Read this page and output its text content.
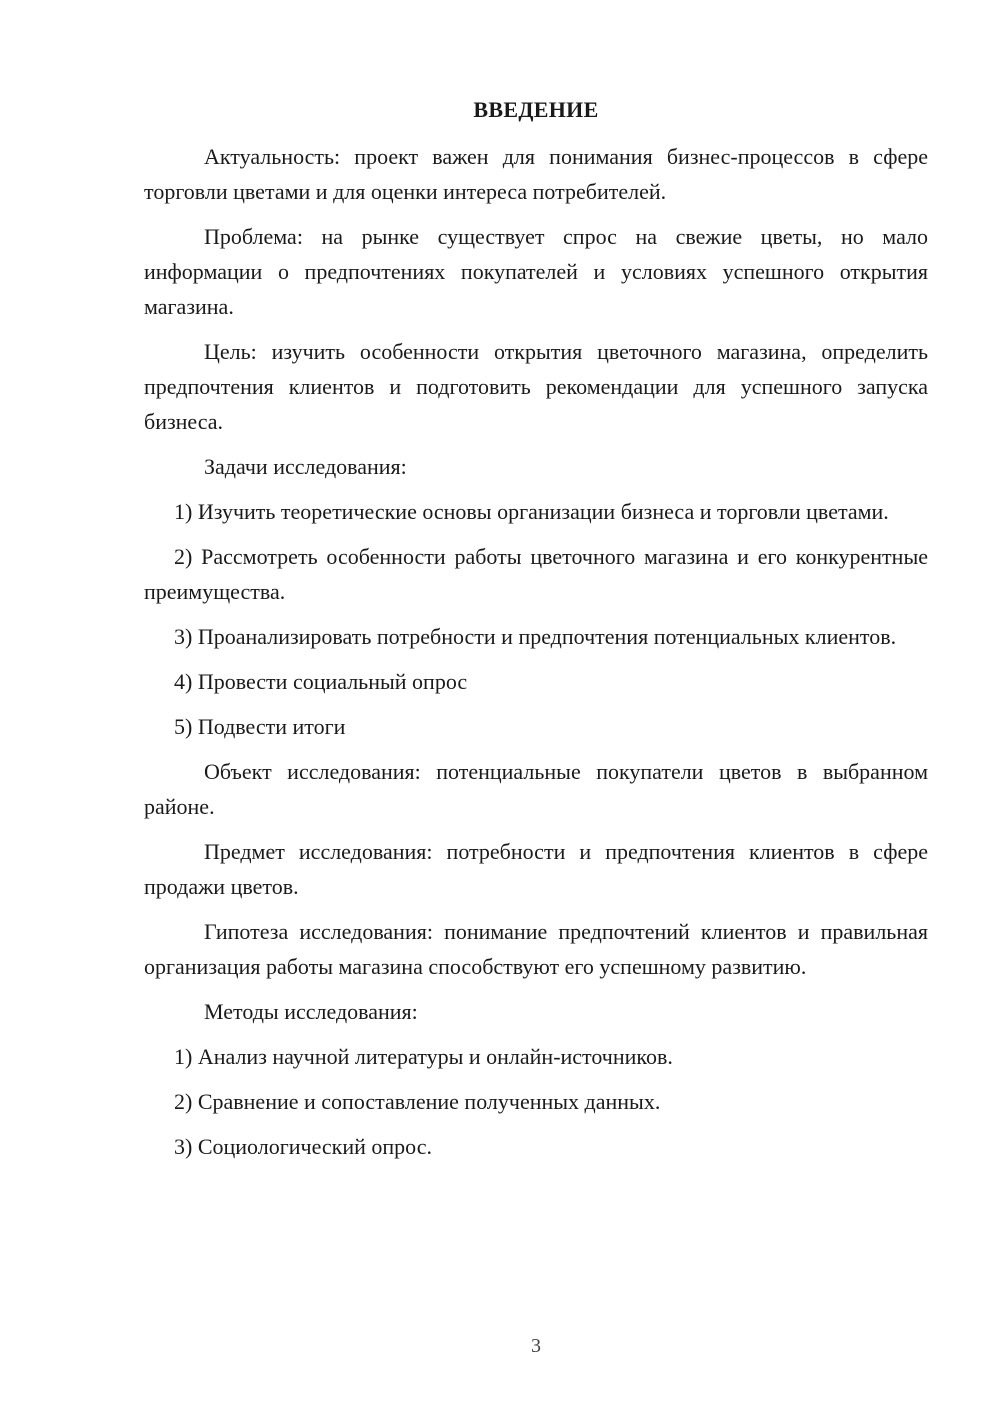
ВВЕДЕНИЕ

Актуальность: проект важен для понимания бизнес-процессов в сфере торговли цветами и для оценки интереса потребителей.

Проблема: на рынке существует спрос на свежие цветы, но мало информации о предпочтениях покупателей и условиях успешного открытия магазина.

Цель: изучить особенности открытия цветочного магазина, определить предпочтения клиентов и подготовить рекомендации для успешного запуска бизнеса.

Задачи исследования:

1) Изучить теоретические основы организации бизнеса и торговли цветами.

2) Рассмотреть особенности работы цветочного магазина и его конкурентные преимущества.

3) Проанализировать потребности и предпочтения потенциальных клиентов.

4) Провести социальный опрос

5) Подвести итоги

Объект исследования: потенциальные покупатели цветов в выбранном районе.

Предмет исследования: потребности и предпочтения клиентов в сфере продажи цветов.

Гипотеза исследования: понимание предпочтений клиентов и правильная организация работы магазина способствуют его успешному развитию.

Методы исследования:

1) Анализ научной литературы и онлайн-источников.

2) Сравнение и сопоставление полученных данных.

3) Социологический опрос.

3
